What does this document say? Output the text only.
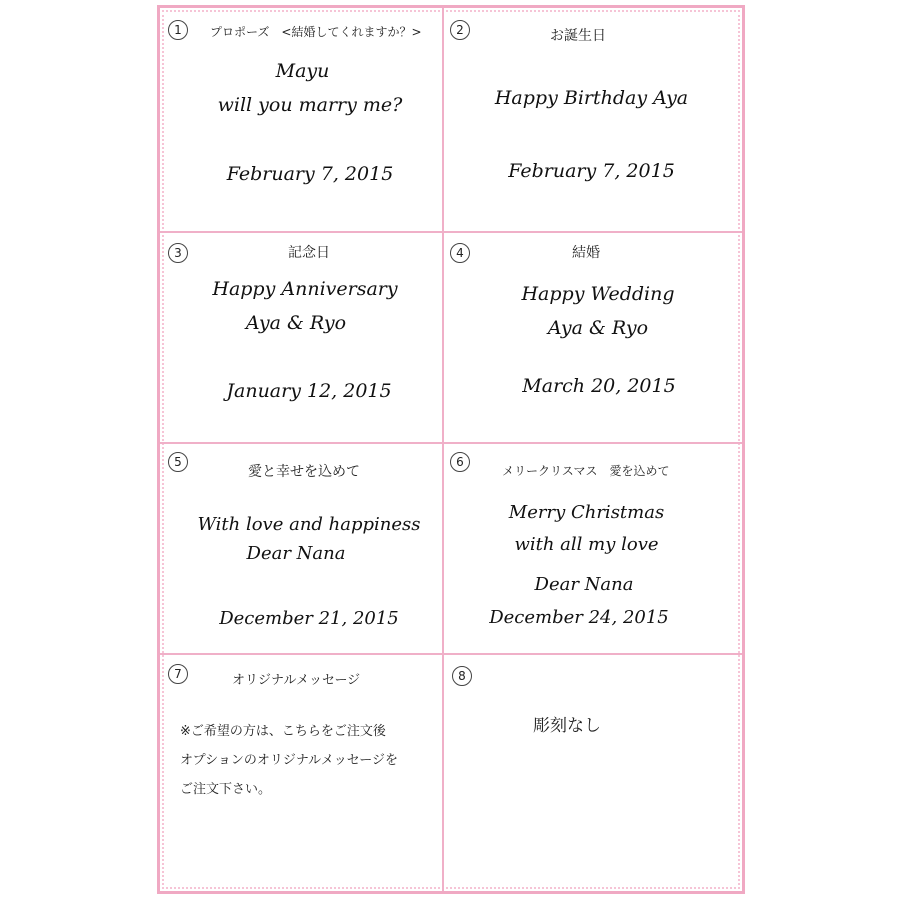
1	プロポーズ　<結婚してくれますか？>
Mayu
will you marry me?
February 7, 2015
2	お誕生日
Happy Birthday Aya
February 7, 2015
3	記念日
Happy Anniversary
Aya & Ryo
January 12, 2015
4	結婚
Happy Wedding
Aya & Ryo
March 20, 2015
5
愛と幸せを込めて
With love and happiness
Dear Nana
December 21, 2015
6
メリークリスマス　愛を込めて
Merry Christmas
with all my love
Dear Nana
December 24, 2015
7	オリジナルメッセージ
※ご希望の方は、こちらをご注文後
オプションのオリジナルメッセージを
ご注文下さい。
8
彫刻なし
